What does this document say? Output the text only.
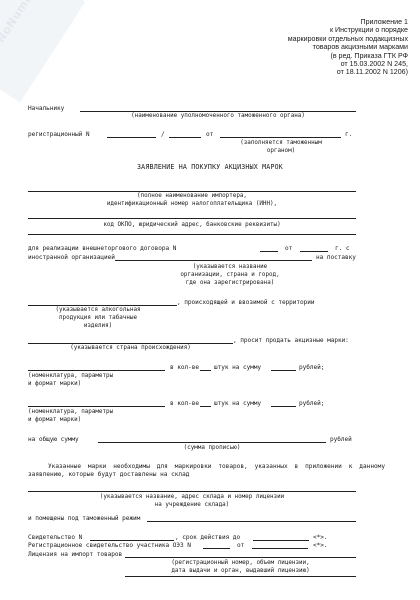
Приложение 1
к Инструкции о порядке
маркировки отдельных подакцизных
товаров акцизными марками
(в ред. Приказа ГТК РФ
от 15.03.2002 N 245,
от 18.11.2002 N 1206)
Начальнику
(наименование уполномоченного таможенного органа)
регистрационный N	/	от	г.
(заполняется таможенным
органом)
ЗАЯВЛЕНИЕ НА ПОКУПКУ АКЦИЗНЫХ МАРОК
(полное наименование импортера,
идентификационный номер налогоплательщика (ИНН),
код ОКПО, юридический адрес, банковские реквизиты)
для реализации внешнеторгового договора N	от	г. с
иностранной организацией	на поставку
(указывается название
организации, страна и город,
где она зарегистрирована)
, происходящей и ввозимой с территории
(указывается алкогольная
продукция или табачные
изделия)
, просит продать акцизные марки:
(указывается страна происхождения)
в кол-ве штук на сумму	рублей;
(номенклатура, параметры
и формат марки)
в кол-ве штук на сумму	рублей;
(номенклатура, параметры
и формат марки)
на общую сумму	рублей
(сумма прописью)
Указанные марки необходимы для маркировки товаров, указанных в приложении к данному заявлению, которые будут доставлены на склад
(указывается название, адрес склада и номер лицензии
на учреждение склада)
и помещены под таможенный режим
Свидетельство N	, срок действия до	<*>.
Регистрационное свидетельство участника ОЭЗ N	от	<*>.
Лицензия на импорт товаров
(регистрационный номер, объем лицензии,
дата выдачи и орган, выдавший лицензию)
